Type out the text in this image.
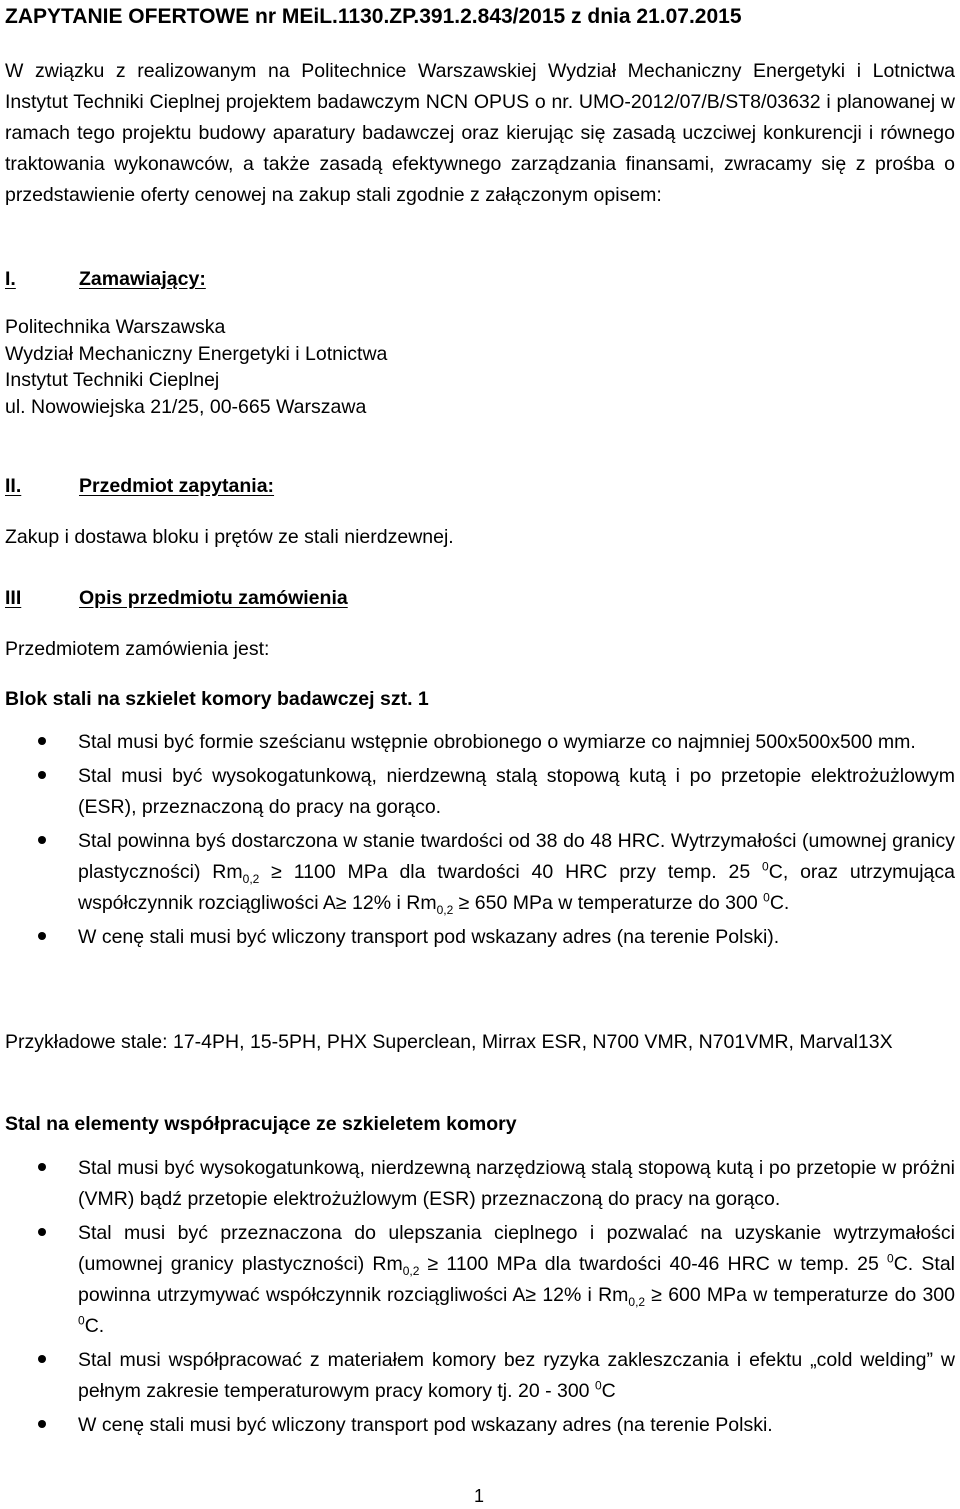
ZAPYTANIE OFERTOWE nr MEiL.1130.ZP.391.2.843/2015 z dnia 21.07.2015

W związku z realizowanym na Politechnice Warszawskiej Wydział Mechaniczny Energetyki i Lotnictwa Instytut Techniki Cieplnej projektem badawczym NCN OPUS o nr. UMO-2012/07/B/ST8/03632 i planowanej w ramach tego projektu budowy aparatury badawczej oraz kierując się zasadą uczciwej konkurencji i równego traktowania wykonawców, a także zasadą efektywnego zarządzania finansami, zwracamy się z prośba o przedstawienie oferty cenowej na zakup stali zgodnie z załączonym opisem:

I.	Zamawiający:
Politechnika Warszawska
Wydział Mechaniczny Energetyki i Lotnictwa
Instytut Techniki Cieplnej
ul. Nowowiejska 21/25, 00-665 Warszawa
II.	Przedmiot zapytania:

Zakup i dostawa bloku i prętów ze stali nierdzewnej.

III	Opis przedmiotu zamówienia

Przedmiotem zamówienia jest:

Blok stali na szkielet komory badawczej szt. 1

Stal musi być formie sześcianu wstępnie obrobionego o wymiarze co najmniej 500x500x500 mm.
Stal musi być wysokogatunkową, nierdzewną stalą stopową kutą i po przetopie elektrożużlowym (ESR), przeznaczoną do pracy na gorąco.
Stal powinna byś dostarczona w stanie twardości od 38 do 48 HRC. Wytrzymałości (umownej granicy plastyczności) $Rm_{0,2} \ge 1100$ MPa dla twardości 40 HRC przy temp. 25 $^0$C, oraz utrzymująca współczynnik rozciągliwości A≥ 12% i $Rm_{0,2} \ge 650$ MPa w temperaturze do 300 $^0$C.
W cenę stali musi być wliczony transport pod wskazany adres (na terenie Polski).

Przykładowe stale: 17-4PH, 15-5PH, PHX Superclean, Mirrax ESR, N700 VMR, N701VMR, Marval13X

Stal na elementy współpracujące ze szkieletem komory

Stal musi być wysokogatunkową, nierdzewną narzędziową stalą stopową kutą i po przetopie w próżni (VMR) bądź przetopie elektrożużlowym (ESR) przeznaczoną do pracy na gorąco.
Stal musi być przeznaczona do ulepszania cieplnego i pozwalać na uzyskanie wytrzymałości (umownej granicy plastyczności) $Rm_{0,2} \ge 1100$ MPa dla twardości 40-46 HRC w temp. 25 $^0$C. Stal powinna utrzymywać współczynnik rozciągliwości A≥ 12% i $Rm_{0,2} \ge 600$ MPa w temperaturze do 300 $^0$C.
Stal musi współpracować z materiałem komory bez ryzyka zakleszczania i efektu „cold welding” w pełnym zakresie temperaturowym pracy komory tj. 20 - 300 $^0$C
W cenę stali musi być wliczony transport pod wskazany adres (na terenie Polski.
1
